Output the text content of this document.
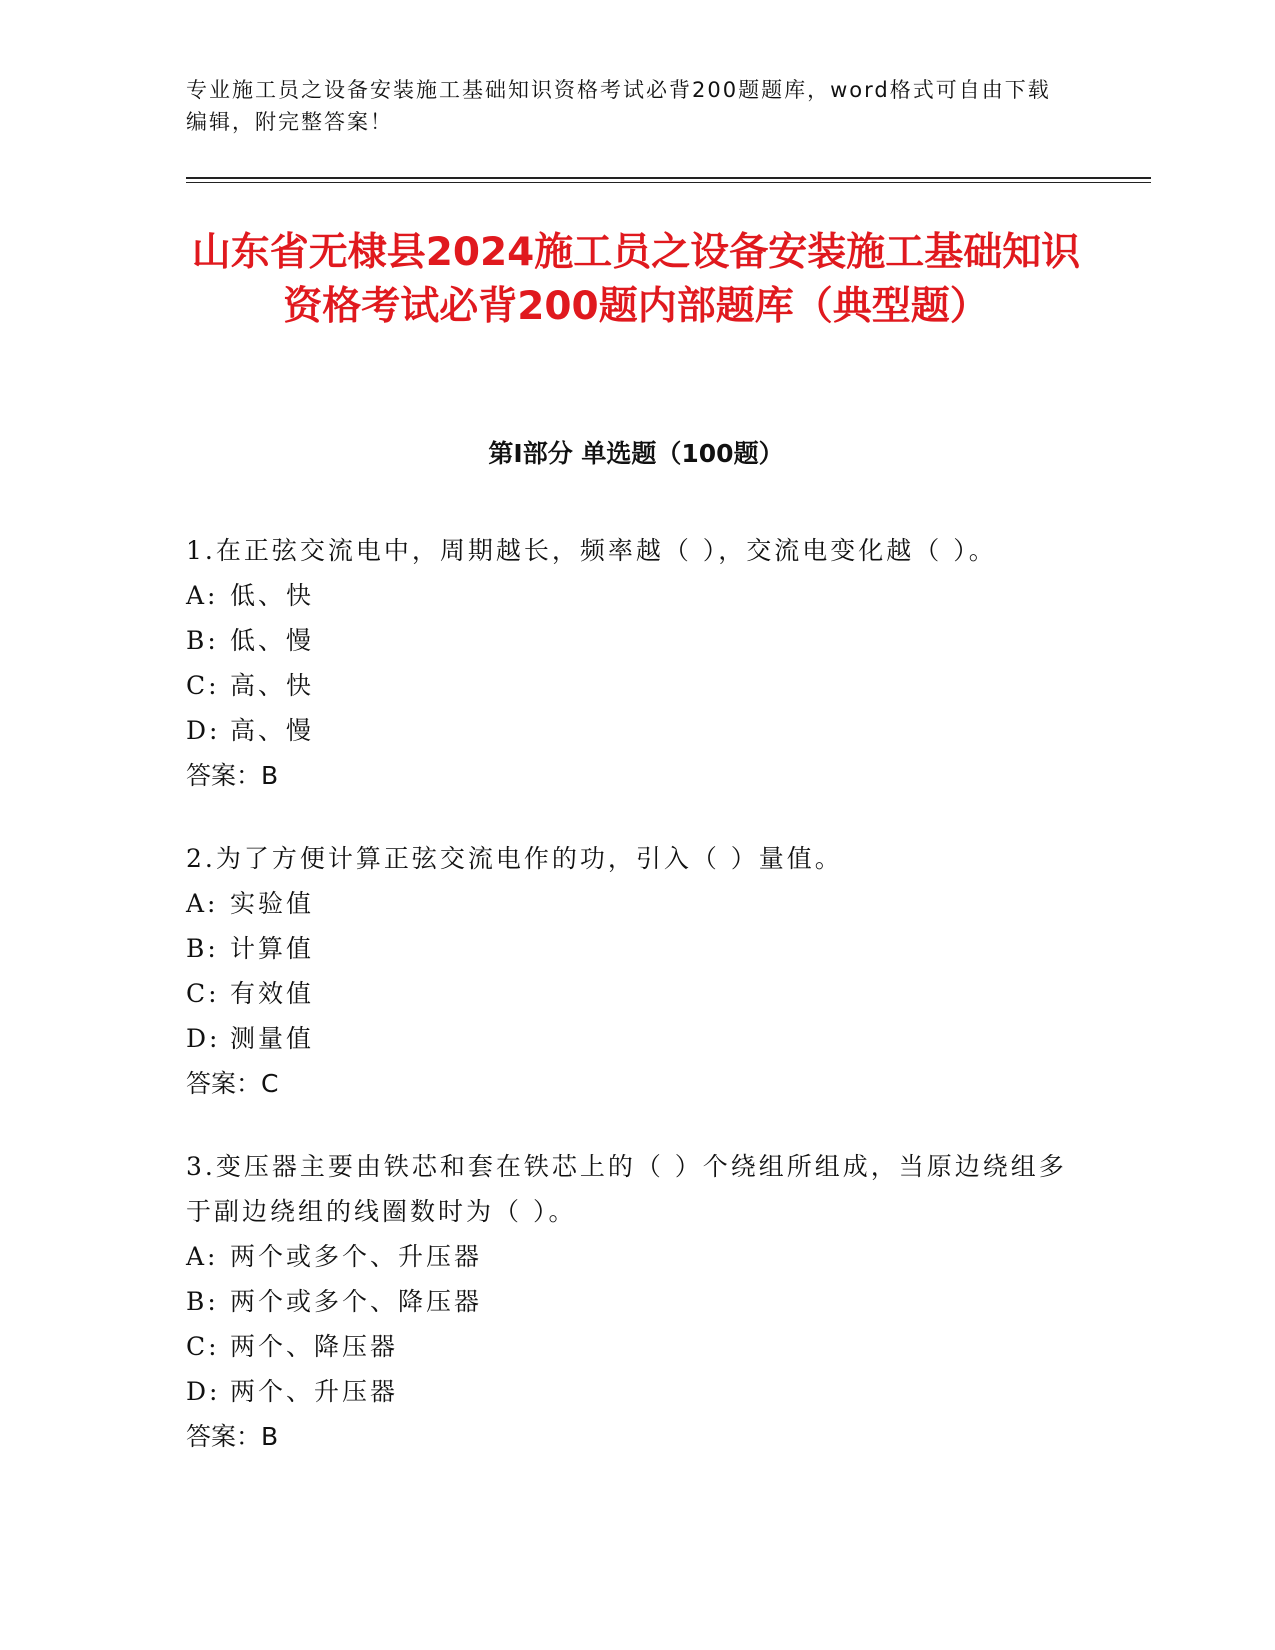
专业施工员之设备安装施工基础知识资格考试必背200题题库，word格式可自由下载编辑，附完整答案！
山东省无棣县2024施工员之设备安装施工基础知识资格考试必背200题内部题库（典型题）
第Ⅰ部分 单选题（100题）

1.在正弦交流电中，周期越长，频率越（ ），交流电变化越（ ）。

A: 低、快

B: 低、慢

C: 高、快

D: 高、慢

答案：B

2.为了方便计算正弦交流电作的功，引入（ ）量值。

A: 实验值

B: 计算值

C: 有效值

D: 测量值

答案：C

3.变压器主要由铁芯和套在铁芯上的（ ）个绕组所组成，当原边绕组多于副边绕组的线圈数时为（ ）。

A: 两个或多个、升压器

B: 两个或多个、降压器

C: 两个、降压器

D: 两个、升压器

答案：B
